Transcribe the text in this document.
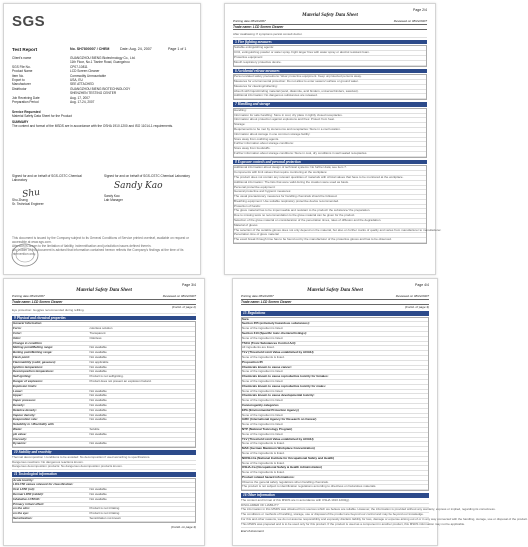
SGS
Test Report	No. SH7800007 / CHEM	Date: Aug. 24, 2007	Page 1 of 1
Client's name	GUANGZHOU BIENG Biotechnology Co., Ltd.
11th Floor, No.1 Tianhe Road, Guangzhou
SGS File No.	CP07-10811
Product Name	LCD Screen Cleaner
Item No.	Commodity Unmountable
Export to	USA, EU
Manufacturer	SEE ATTACHED
Distributor	GUANGZHOU BIENG BIOTECHNOLOGY
SHENZHEN TESTING CENTER
Job Receiving Date	Aug. 17, 2007
Preparation Period	Aug. 17-24, 2007
Service Requested
Material Safety Data Sheet for the Product
SUMMARY
The content and format of the MSDS are in accordance with the OSHA 1910.1200 and ISO 11014-1 requirements.
Signed for and on behalf of SGS-CSTC Chemical Laboratory
Shu
Shu Zhang
Sr. Technical Engineer
Signed for and on behalf of SGS-CSTC Chemical Laboratory
Sandy Kao
Sandy Kao
Lab Manager
This document is issued by the Company subject to its General Conditions of Service printed overleaf, available on request or accessible at www.sgs.com.
Attention is drawn to the limitation of liability, indemnification and jurisdiction issues defined therein.
Any holder of this document is advised that information contained hereon reflects the Company's findings at the time of its intervention only.
Page 2/4
Material Safety Data Sheet
Printing date 08/22/2007	Reviewed on 08/22/2007
Trade name: LCD Screen Cleaner
After swallowing: If symptoms persist consult doctor.
5 Fire fighting measures
Suitable extinguishing agents:
CO2, extinguishing powder or water spray. Fight larger fires with water spray or alcohol resistant foam.
Protective equipment:
Mouth respiratory protective device.
6 Accidental release measures
Person-related safety precautions: Wear protective equipment. Keep unprotected persons away.
Measures for environmental protection: Do not allow to enter sewers/ surface or ground water.
Measures for cleaning/collecting:
Absorb with liquid-binding material (sand, diatomite, acid binders, universal binders, sawdust).
Additional information: No dangerous substances are released.
7 Handling and storage
Handling:
Information for safe handling: Store in cool, dry place in tightly closed receptacles.
Information about protection against explosions and fires: Protect from heat.
Storage:
Requirements to be met by storerooms and receptacles: Store in a cool location.
Information about storage in one common storage facility:
Store away from oxidizing agents.
Further information about storage conditions:
Store away from foodstuffs.
Further information about storage conditions: Store in cool, dry conditions in well sealed receptacles.
8 Exposure controls and personal protection
Additional information about design of technical systems: No further data; see item 7.
Components with limit values that require monitoring at the workplace:
The product does not contain any relevant quantities of materials with critical values that have to be monitored at the workplace.
Additional information: The lists that were valid during the creation were used as basis.
Personal protective equipment:
General protective and hygienic measures:
The usual precautionary measures for handling chemicals should be followed.
Breathing equipment: Use suitable respiratory protective device recommended.
Protection of hands:
The glove material has to be impermeable and resistant to the product/ the substance/ the preparation.
Due to missing tests no recommendation to the glove material can be given for the product.
Selection of the glove material on consideration of the penetration times, rates of diffusion and the degradation.
Material of gloves
The selection of the suitable gloves does not only depend on the material, but also on further marks of quality and varies from manufacturer to manufacturer.
Penetration time of glove material
The exact break through time has to be found out by the manufacturer of the protective gloves and has to be observed.
Page 3/4
Material Safety Data Sheet
Printing date 08/22/2007	Reviewed on 08/22/2007
Trade name: LCD Screen Cleaner
(Contd. of page 2)
Eye protection: Goggles recommended during refilling.
9 Physical and chemical properties
General Information
Form:	colorless solution
Color:	Transparent
Odor:	Odorless
Change in condition
Melting point/Melting range:	Not available
Boiling point/Boiling range:	Not available
Flash point:	Not available
Flammability (solid, gaseous):	Not applicable
Ignition temperature:	Not available
Decomposition temperature:	Not available
Self-igniting:	Product is not selfigniting.
Danger of explosion:	Product does not present an explosion hazard.
Explosion limits:
Lower:	Not available
Upper:	Not available
Vapor pressure:	Not available
Density:	Not available
Relative density:	Not available
Vapour density:	Not available
Evaporation rate:	Not available
Solubility in / Miscibility with
Water:	Soluble
pH value:	Not available
Viscosity:
Dynamic:	Not available
10 Stability and reactivity
Thermal decomposition / conditions to be avoided: No decomposition if used according to specifications.
Dangerous reactions: No dangerous reactions known.
Dangerous decomposition products: No dangerous decomposition products known.
11 Toxicological information
Acute toxicity:
LD/LC50 values relevant for classification:
Oral LD50 (rat):	Not available
Dermal LD50 (rabbit):	Not available
Inhalative LC50/4h:	Not available
Primary irritant effect:
on the skin:	Product is not irritating
on the eye:	Product is not irritating
Sensitization:	Sensitization not known
(Contd. on page 4)
Page 4/4
Material Safety Data Sheet
Printing date 08/22/2007	Reviewed on 08/22/2007
Trade name: LCD Screen Cleaner
(Contd. of page 3)
15 Regulations
Sara
Section 355 (extremely hazardous substances):
None of the ingredient is listed.
Section 313 (Specific toxic chemical listings):
None of the ingredient is listed.
TSCA (Toxic Substances Control Act):
All ingredients are listed.
TLV (Threshold Limit Value established by ACGIH)
None of the ingredients is listed.
Proposition 65
Chemicals known to cause cancer:
None of the ingredient is listed.
Chemicals known to cause reproductive toxicity for females:
None of the ingredient is listed.
Chemicals known to cause reproductive toxicity for males:
None of the ingredient is listed.
Chemicals known to cause developmental toxicity:
None of the ingredient is listed.
Cancerogenity categories
EPA (Environmental Protection Agency)
None of the ingredient is listed.
IARC (International Agency for Research on Cancer)
None of the ingredient is listed.
NTP (National Toxicology Program)
None of the ingredient is listed.
TLV (Threshold Limit Value established by ACGIH)
None of the ingredients is listed.
MAK (German Maximum Workplace Concentration)
None of the ingredients is listed.
NIOSH-Ca (National Institute for Occupational Safety and Health)
None of the ingredients is listed.
OSHA-Ca (Occupational Safety & Health Administration)
None of the ingredients is listed.
Product related hazard informations:
Observe the general safety regulations when handling chemicals.
The product is not subject to identification regulations according to directives on hazardous materials.
16 Other information
The content and format of this MSDS are in accordance with OSHA 1910.1200(g).
DISCLAIMER OF LIABILITY
The information in this MSDS was obtained from sources which we believe are reliable. However, the information is provided without any warranty, express or implied, regarding its correctness.
The conditions or methods of handling, storage, use or disposal of the product are beyond our control and may be beyond our knowledge.
For this and other reasons, we do not assume responsibility and expressly disclaim liability for loss, damage or expense arising out of or in any way connected with the handling, storage, use or disposal of the product.
This MSDS was prepared and is to be used only for this product. If the product is used as a component in another product, this MSDS information may not be applicable.
End of document
